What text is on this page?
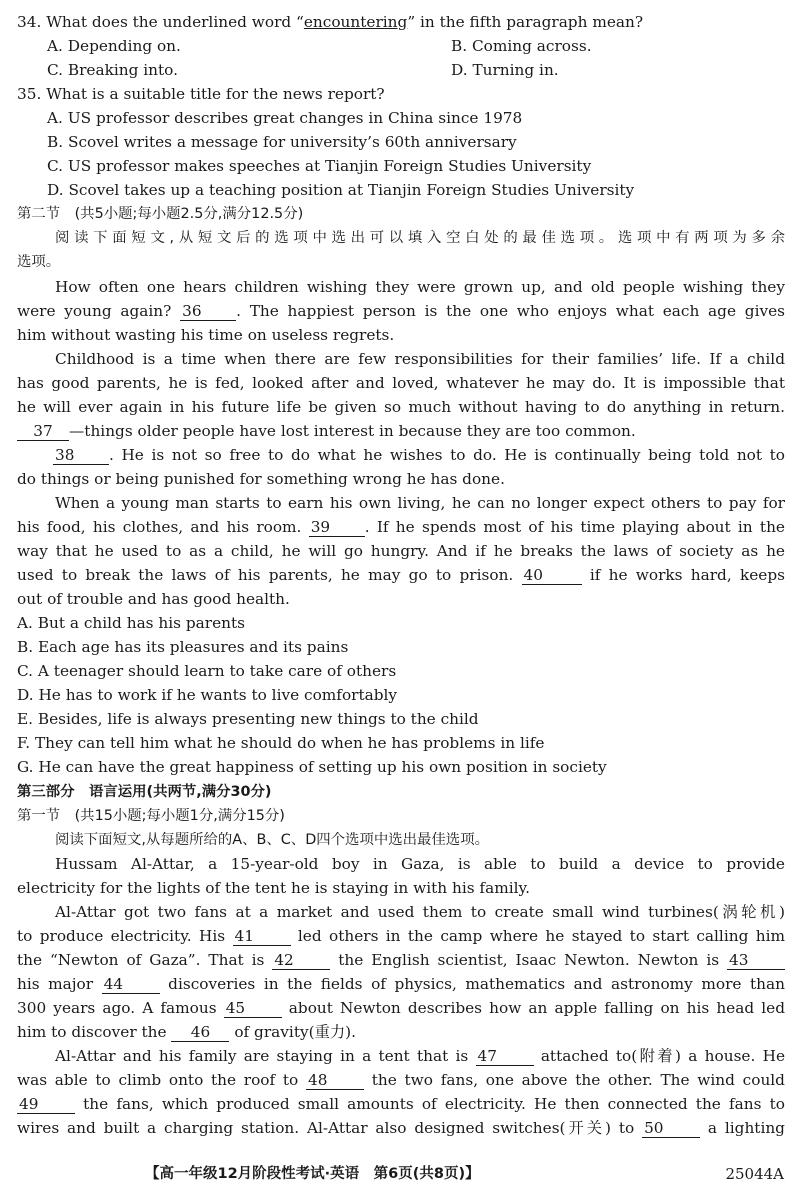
34. What does the underlined word “encountering” in the fifth paragraph mean?
A. Depending on.	B. Coming across.
C. Breaking into.	D. Turning in.
35. What is a suitable title for the news report?
A. US professor describes great changes in China since 1978
B. Scovel writes a message for university’s 60th anniversary
C. US professor makes speeches at Tianjin Foreign Studies University
D. Scovel takes up a teaching position at Tianjin Foreign Studies University
第二节　(共5小题;每小题2.5分,满分12.5分)
阅读下面短文,从短文后的选项中选出可以填入空白处的最佳选项。选项中有两项为多余
选项。
How often one hears children wishing they were grown up, and old people wishing they
were young again? 36 . The happiest person is the one who enjoys what each age gives
him without wasting his time on useless regrets.
Childhood is a time when there are few responsibilities for their families’ life. If a child
has good parents, he is fed, looked after and loved, whatever he may do. It is impossible that
he will ever again in his future life be given so much without having to do anything in return.
37 —things older people have lost interest in because they are too common.
38 . He is not so free to do what he wishes to do. He is continually being told not to
do things or being punished for something wrong he has done.
When a young man starts to earn his own living, he can no longer expect others to pay for
his food, his clothes, and his room. 39 . If he spends most of his time playing about in the
way that he used to as a child, he will go hungry. And if he breaks the laws of society as he
used to break the laws of his parents, he may go to prison. 40	if he works hard, keeps
out of trouble and has good health.
A. But a child has his parents
B. Each age has its pleasures and its pains
C. A teenager should learn to take care of others
D. He has to work if he wants to live comfortably
E. Besides, life is always presenting new things to the child
F. They can tell him what he should do when he has problems in life
G. He can have the great happiness of setting up his own position in society
第三部分　语言运用(共两节,满分30分)
第一节　(共15小题;每小题1分,满分15分)
阅读下面短文,从每题所给的A、B、C、D四个选项中选出最佳选项。
Hussam Al-Attar, a 15-year-old boy in Gaza, is able to build a device to provide
electricity for the lights of the tent he is staying in with his family.
Al-Attar got two fans at a market and used them to create small wind turbines(涡轮机)
to produce electricity. His 41	led others in the camp where he stayed to start calling him
the “Newton of Gaza”. That is 42	the English scientist, Isaac Newton. Newton is 43
his major 44	discoveries in the fields of physics, mathematics and astronomy more than
300 years ago. A famous 45	about Newton describes how an apple falling on his head led
him to discover the 46 of gravity(重力).
Al-Attar and his family are staying in a tent that is 47	attached to(附着) a house. He
was able to climb onto the roof to 48	the two fans, one above the other. The wind could
49	the fans, which produced small amounts of electricity. He then connected the fans to
wires and built a charging station. Al-Attar also designed switches(开关) to 50	a lighting
【高一年级12月阶段性考试·英语　第6页(共8页)】	25044A
